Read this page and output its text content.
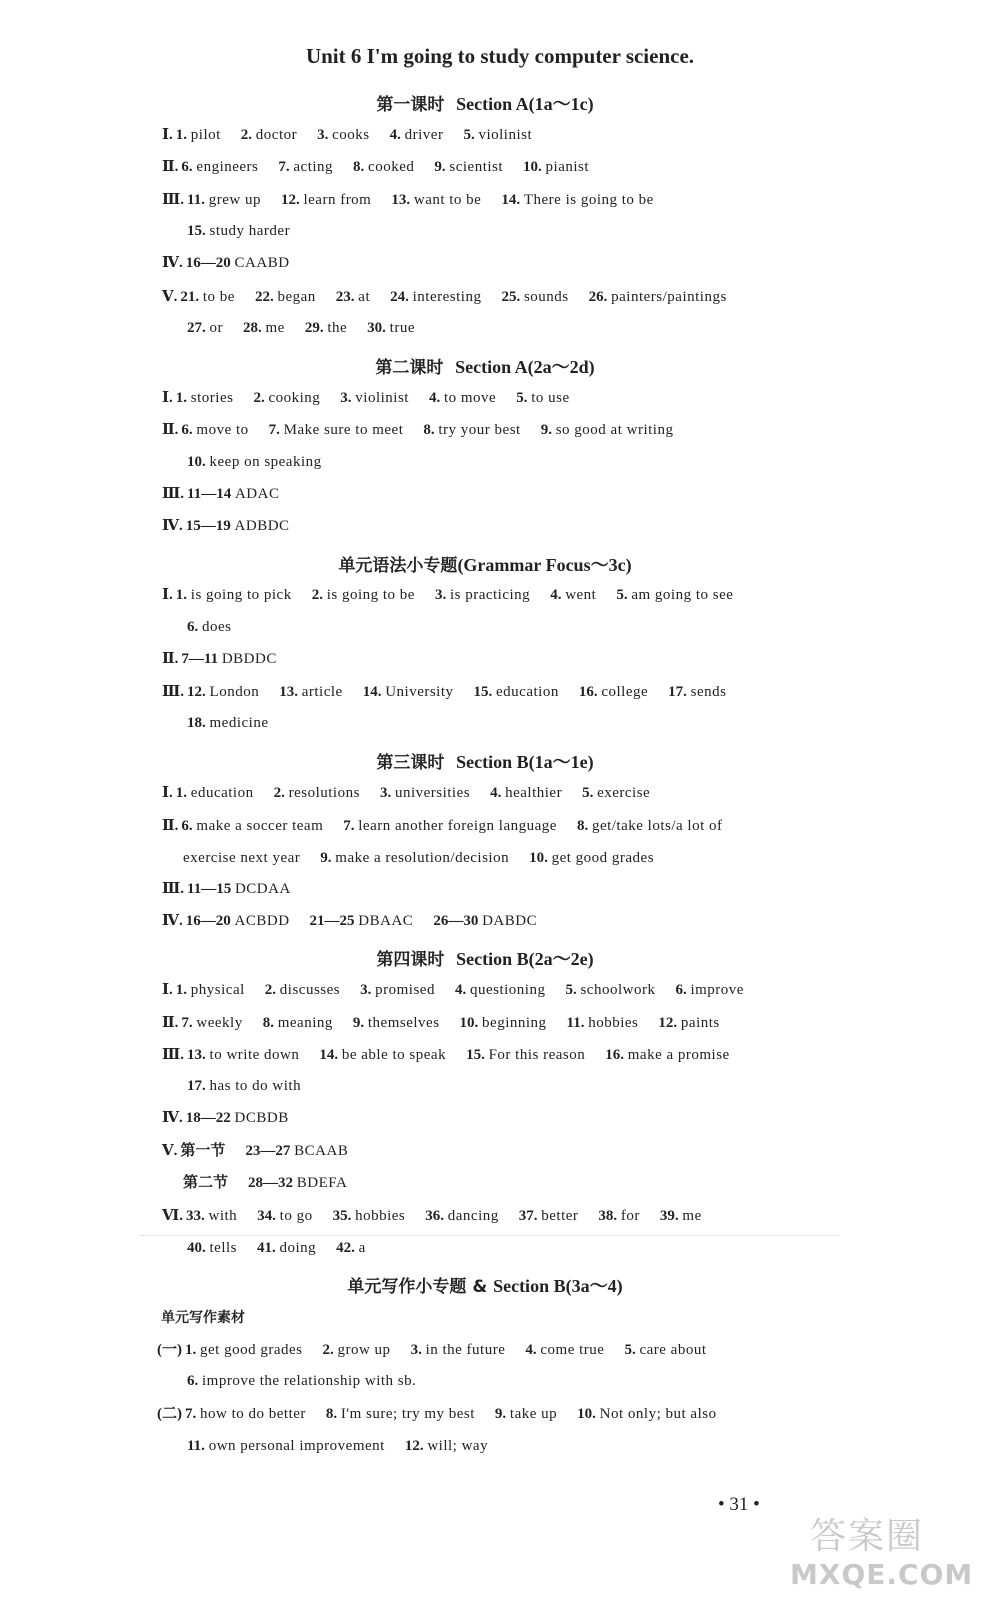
Unit 6 I'm going to study computer science.
第一课时 Section A(1a～1c)
第二课时 Section A(2a～2d)
单元语法小专题(Grammar Focus～3c)
第三课时 Section B(1a～1e)
第四课时 Section B(2a～2e)
单元写作小专题 & Section B(3a～4)
单元写作素材
Ⅰ. 1. pilot 2. doctor 3. cooks 4. driver 5. violinist
Ⅱ. 6. engineers 7. acting 8. cooked 9. scientist 10. pianist
Ⅲ. 11. grew up 12. learn from 13. want to be 14. There is going to be
15. study harder
Ⅳ. 16—20 CAABD
Ⅴ. 21. to be 22. began 23. at 24. interesting 25. sounds 26. painters/paintings
27. or 28. me 29. the 30. true
Ⅰ. 1. stories 2. cooking 3. violinist 4. to move 5. to use
Ⅱ. 6. move to 7. Make sure to meet 8. try your best 9. so good at writing
10. keep on speaking
Ⅲ. 11—14 ADAC
Ⅳ. 15—19 ADBDC
Ⅰ. 1. is going to pick 2. is going to be 3. is practicing 4. went 5. am going to see
6. does
Ⅱ. 7—11 DBDDC
Ⅲ. 12. London 13. article 14. University 15. education 16. college 17. sends
18. medicine
Ⅰ. 1. education 2. resolutions 3. universities 4. healthier 5. exercise
Ⅱ. 6. make a soccer team 7. learn another foreign language 8. get/take lots/a lot of
exercise next year 9. make a resolution/decision 10. get good grades
Ⅲ. 11—15 DCDAA
Ⅳ. 16—20 ACBDD 21—25 DBAAC 26—30 DABDC
Ⅰ. 1. physical 2. discusses 3. promised 4. questioning 5. schoolwork 6. improve
Ⅱ. 7. weekly 8. meaning 9. themselves 10. beginning 11. hobbies 12. paints
Ⅲ. 13. to write down 14. be able to speak 15. For this reason 16. make a promise
17. has to do with
Ⅳ. 18—22 DCBDB
Ⅴ. 第一节 23—27 BCAAB
第二节 28—32 BDEFA
Ⅵ. 33. with 34. to go 35. hobbies 36. dancing 37. better 38. for 39. me
40. tells 41. doing 42. a
(一) 1. get good grades 2. grow up 3. in the future 4. come true 5. care about
6. improve the relationship with sb.
(二) 7. how to do better 8. I'm sure; try my best 9. take up 10. Not only; but also
11. own personal improvement 12. will; way
• 31 •
答案圈
MXQE.COM
